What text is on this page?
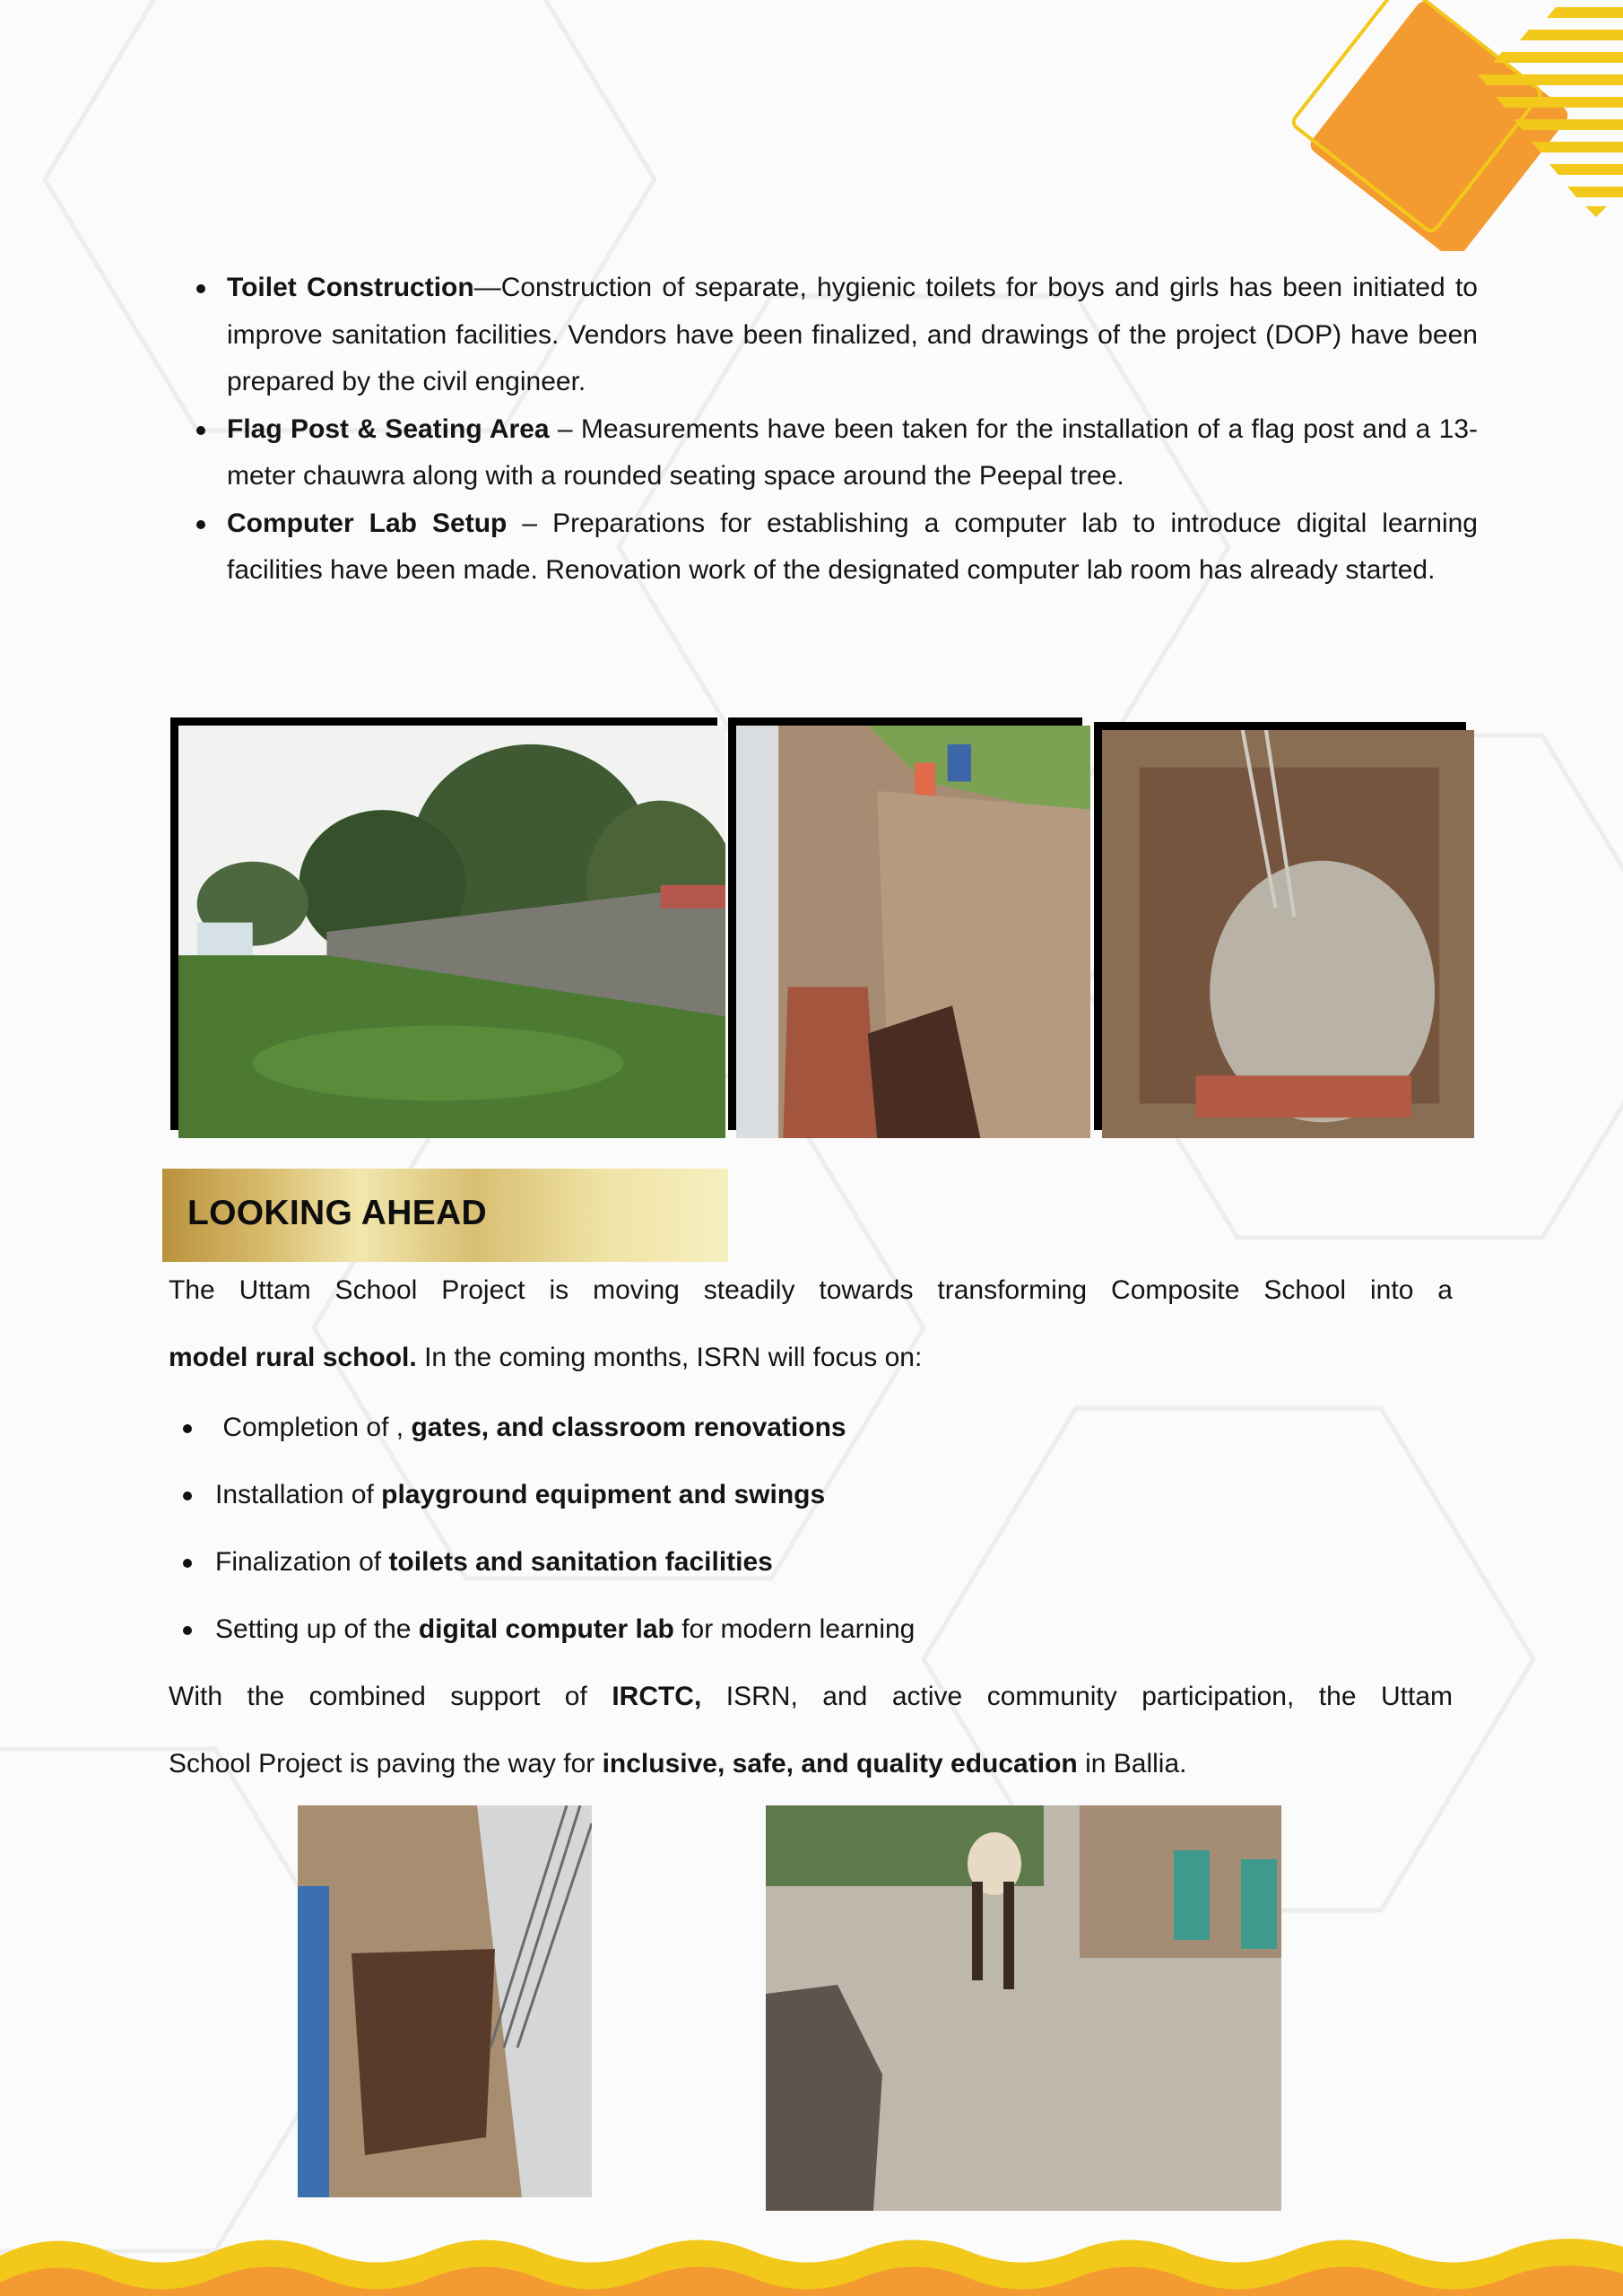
Toilet Construction—Construction of separate, hygienic toilets for boys and girls has been initiated to improve sanitation facilities. Vendors have been finalized, and drawings of the project (DOP) have been prepared by the civil engineer.
Flag Post & Seating Area – Measurements have been taken for the installation of a flag post and a 13-meter chauwra along with a rounded seating space around the Peepal tree.
Computer Lab Setup – Preparations for establishing a computer lab to introduce digital learning facilities have been made. Renovation work of the designated computer lab room has already started.
LOOKING AHEAD
The Uttam School Project is moving steadily towards transforming Composite School into a
model rural school. In the coming months, ISRN will focus on:
Completion of , gates, and classroom renovations
Installation of playground equipment and swings
Finalization of toilets and sanitation facilities
Setting up of the digital computer lab for modern learning
With the combined support of IRCTC, ISRN, and active community participation, the Uttam
School Project is paving the way for inclusive, safe, and quality education in Ballia.
